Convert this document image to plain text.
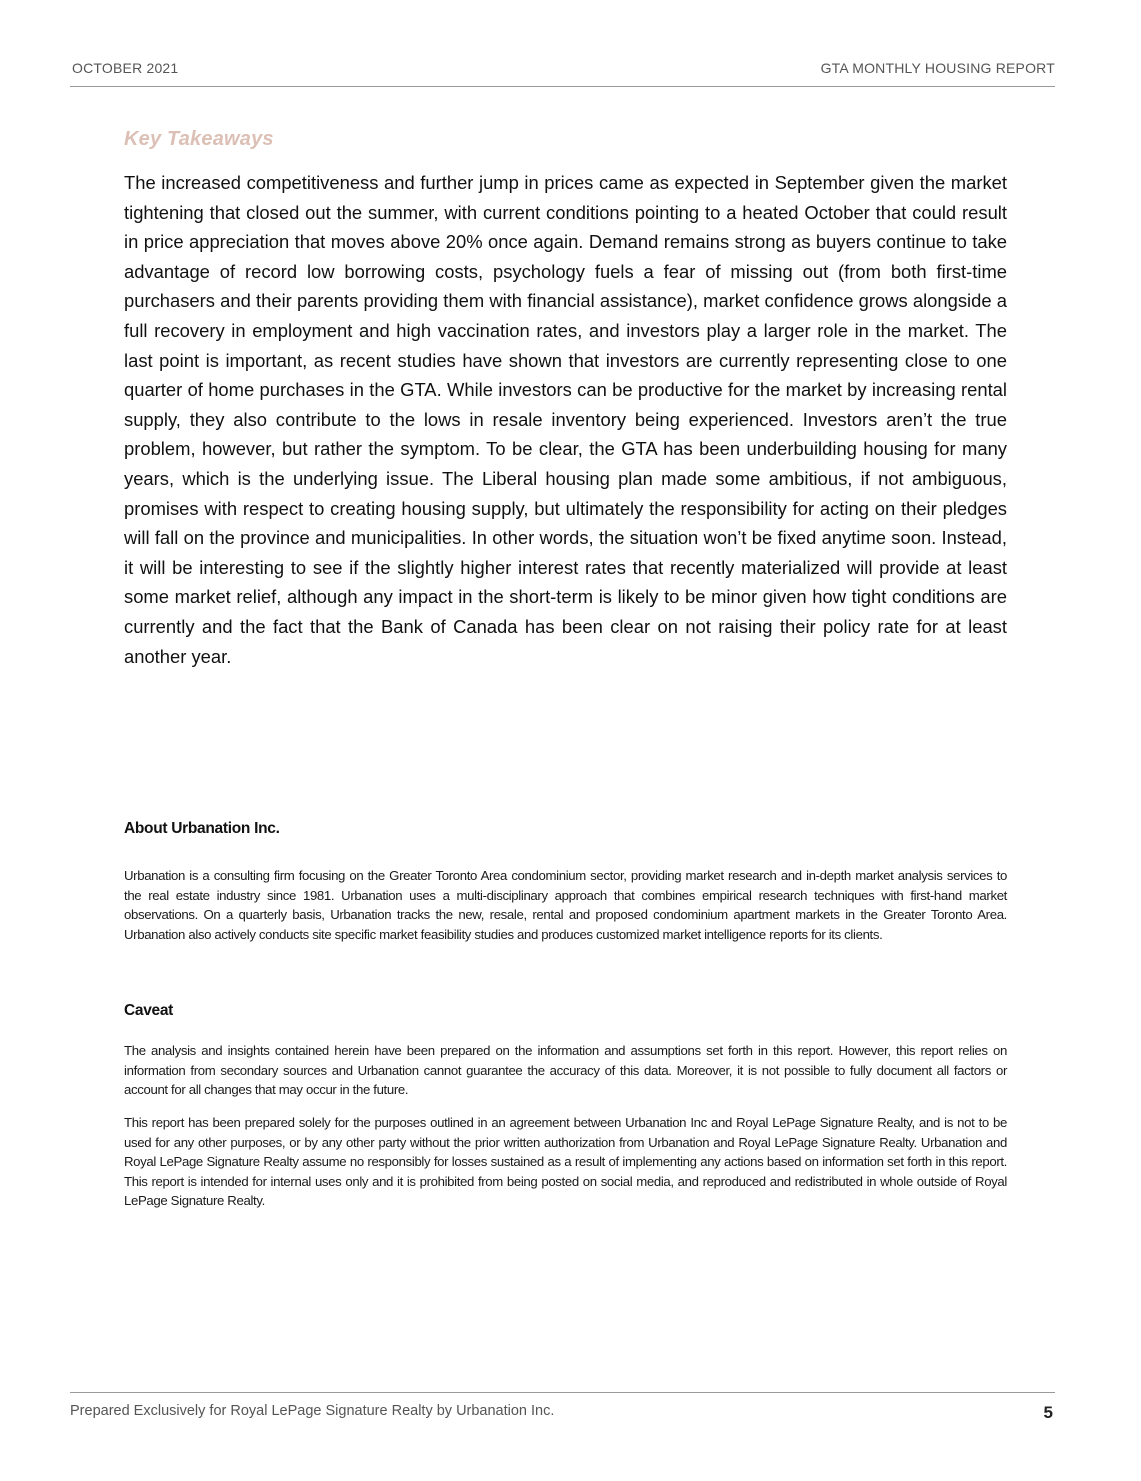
OCTOBER 2021	GTA MONTHLY HOUSING REPORT
Key Takeaways

The increased competitiveness and further jump in prices came as expected in September given the market tightening that closed out the summer, with current conditions pointing to a heated October that could result in price appreciation that moves above 20% once again. Demand remains strong as buyers continue to take advantage of record low borrowing costs, psychology fuels a fear of missing out (from both first-time purchasers and their parents providing them with financial assistance), market confidence grows alongside a full recovery in employment and high vaccination rates, and investors play a larger role in the market. The last point is important, as recent studies have shown that investors are currently representing close to one quarter of home purchases in the GTA. While investors can be productive for the market by increasing rental supply, they also contribute to the lows in resale inventory being experienced. Investors aren’t the true problem, however, but rather the symptom. To be clear, the GTA has been underbuilding housing for many years, which is the underlying issue. The Liberal housing plan made some ambitious, if not ambiguous, promises with respect to creating housing supply, but ultimately the responsibility for acting on their pledges will fall on the province and municipalities. In other words, the situation won’t be fixed anytime soon. Instead, it will be interesting to see if the slightly higher interest rates that recently materialized will provide at least some market relief, although any impact in the short-term is likely to be minor given how tight conditions are currently and the fact that the Bank of Canada has been clear on not raising their policy rate for at least another year.

About Urbanation Inc.

Urbanation is a consulting firm focusing on the Greater Toronto Area condominium sector, providing market research and in-depth market analysis services to the real estate industry since 1981. Urbanation uses a multi-disciplinary approach that combines empirical research techniques with first-hand market observations. On a quarterly basis, Urbanation tracks the new, resale, rental and proposed condominium apartment markets in the Greater Toronto Area. Urbanation also actively conducts site specific market feasibility studies and produces customized market intelligence reports for its clients.

Caveat

The analysis and insights contained herein have been prepared on the information and assumptions set forth in this report. However, this report relies on information from secondary sources and Urbanation cannot guarantee the accuracy of this data. Moreover, it is not possible to fully document all factors or account for all changes that may occur in the future.

This report has been prepared solely for the purposes outlined in an agreement between Urbanation Inc and Royal LePage Signature Realty, and is not to be used for any other purposes, or by any other party without the prior written authorization from Urbanation and Royal LePage Signature Realty. Urbanation and Royal LePage Signature Realty assume no responsibly for losses sustained as a result of implementing any actions based on information set forth in this report. This report is intended for internal uses only and it is prohibited from being posted on social media, and reproduced and redistributed in whole outside of Royal LePage Signature Realty.

Prepared Exclusively for Royal LePage Signature Realty by Urbanation Inc.	5
